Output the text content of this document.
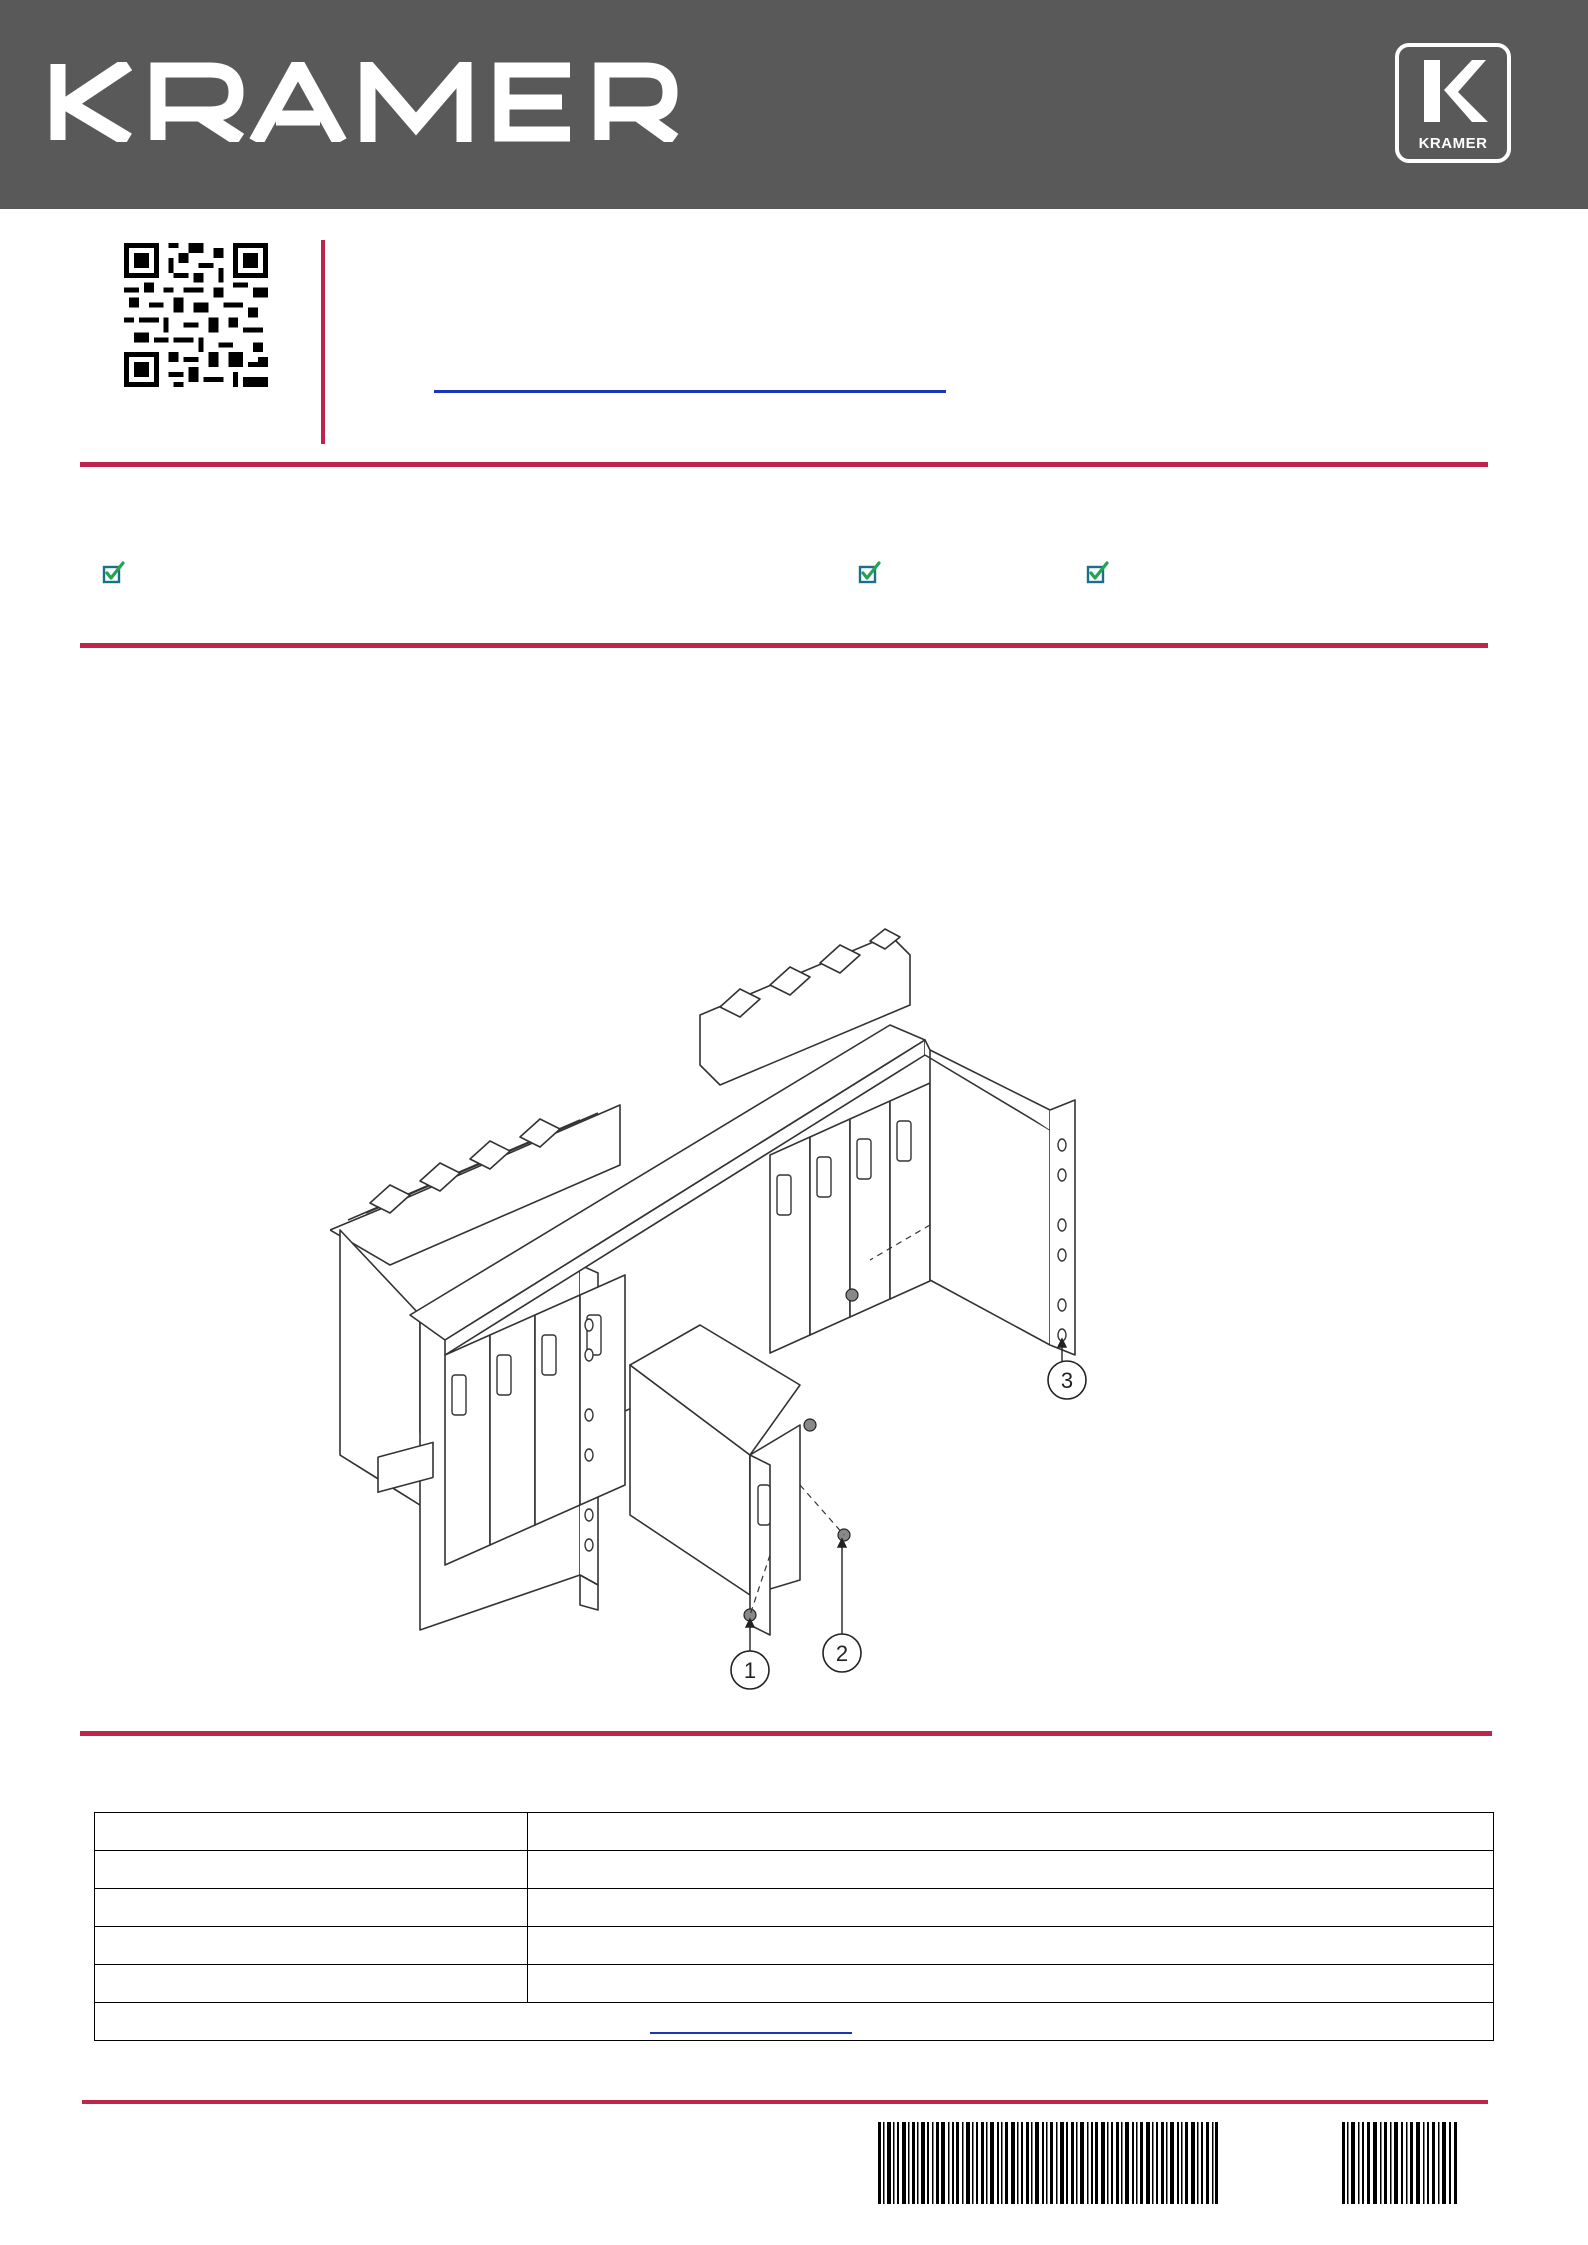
KRAMER
1
2
3
